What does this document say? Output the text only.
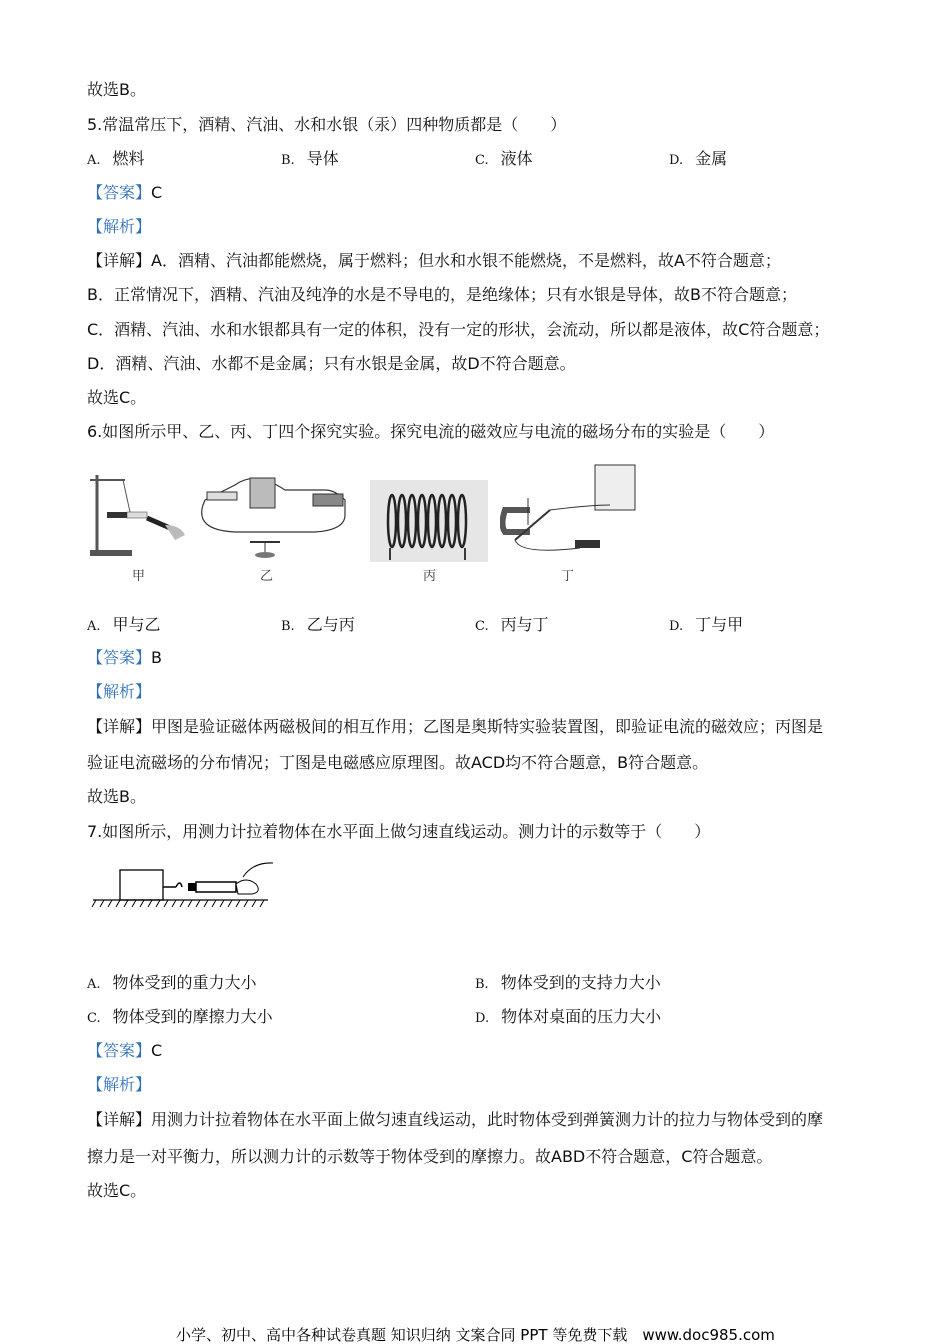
故选B。
5.常温常压下，酒精、汽油、水和水银（汞）四种物质都是（　　）
A. 燃料	B. 导体	C. 液体	D. 金属
【答案】C
【解析】
【详解】A．酒精、汽油都能燃烧，属于燃料；但水和水银不能燃烧，不是燃料，故A不符合题意；
B．正常情况下，酒精、汽油及纯净的水是不导电的，是绝缘体；只有水银是导体，故B不符合题意；
C．酒精、汽油、水和水银都具有一定的体积，没有一定的形状，会流动，所以都是液体，故C符合题意；
D．酒精、汽油、水都不是金属；只有水银是金属，故D不符合题意。
故选C。
6.如图所示甲、乙、丙、丁四个探究实验。探究电流的磁效应与电流的磁场分布的实验是（　　）
甲	乙	丙	丁
A. 甲与乙	B. 乙与丙	C. 丙与丁	D. 丁与甲
【答案】B
【解析】
【详解】甲图是验证磁体两磁极间的相互作用；乙图是奥斯特实验装置图，即验证电流的磁效应；丙图是
验证电流磁场的分布情况；丁图是电磁感应原理图。故ACD均不符合题意，B符合题意。
故选B。
7.如图所示，用测力计拉着物体在水平面上做匀速直线运动。测力计的示数等于（　　）
A. 物体受到的重力大小	B. 物体受到的支持力大小
C. 物体受到的摩擦力大小	D. 物体对桌面的压力大小
【答案】C
【解析】
【详解】用测力计拉着物体在水平面上做匀速直线运动，此时物体受到弹簧测力计的拉力与物体受到的摩
擦力是一对平衡力，所以测力计的示数等于物体受到的摩擦力。故ABD不符合题意，C符合题意。
故选C。
小学、初中、高中各种试卷真题 知识归纳 文案合同 PPT 等免费下载　www.doc985.com
